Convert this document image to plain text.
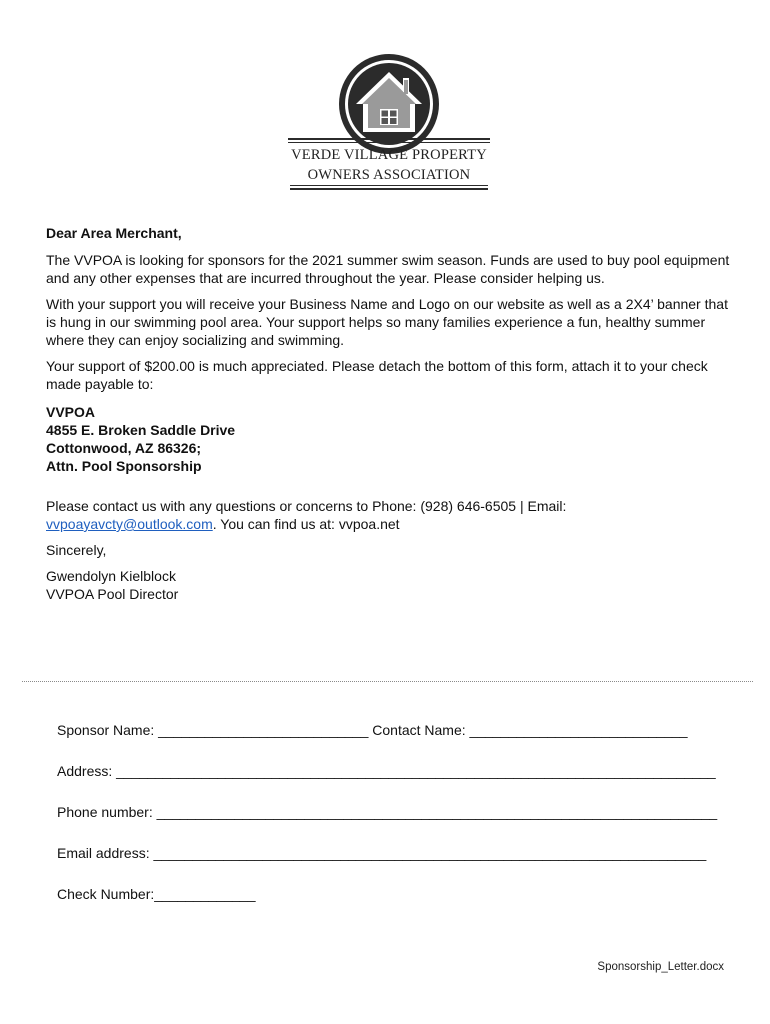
VERDE VILLAGE PROPERTY
OWNERS ASSOCIATION

Dear Area Merchant,

The VVPOA is looking for sponsors for the 2021 summer swim season. Funds are used to buy pool equipment and any other expenses that are incurred throughout the year. Please consider helping us.

With your support you will receive your Business Name and Logo on our website as well as a 2X4’ banner that is hung in our swimming pool area. Your support helps so many families experience a fun, healthy summer where they can enjoy socializing and swimming.

Your support of $200.00 is much appreciated. Please detach the bottom of this form, attach it to your check made payable to:

VVPOA
4855 E. Broken Saddle Drive
Cottonwood, AZ 86326;
Attn. Pool Sponsorship

Please contact us with any questions or concerns to Phone: (928) 646-6505 | Email: vvpoayavcty@outlook.com. You can find us at: vvpoa.net

Sincerely,

Gwendolyn Kielblock
VVPOA Pool Director
Sponsor Name: ___________________________ Contact Name: ____________________________
Address: _____________________________________________________________________________
Phone number: ________________________________________________________________________
Email address: _______________________________________________________________________
Check Number:_____________
Sponsorship_Letter.docx
